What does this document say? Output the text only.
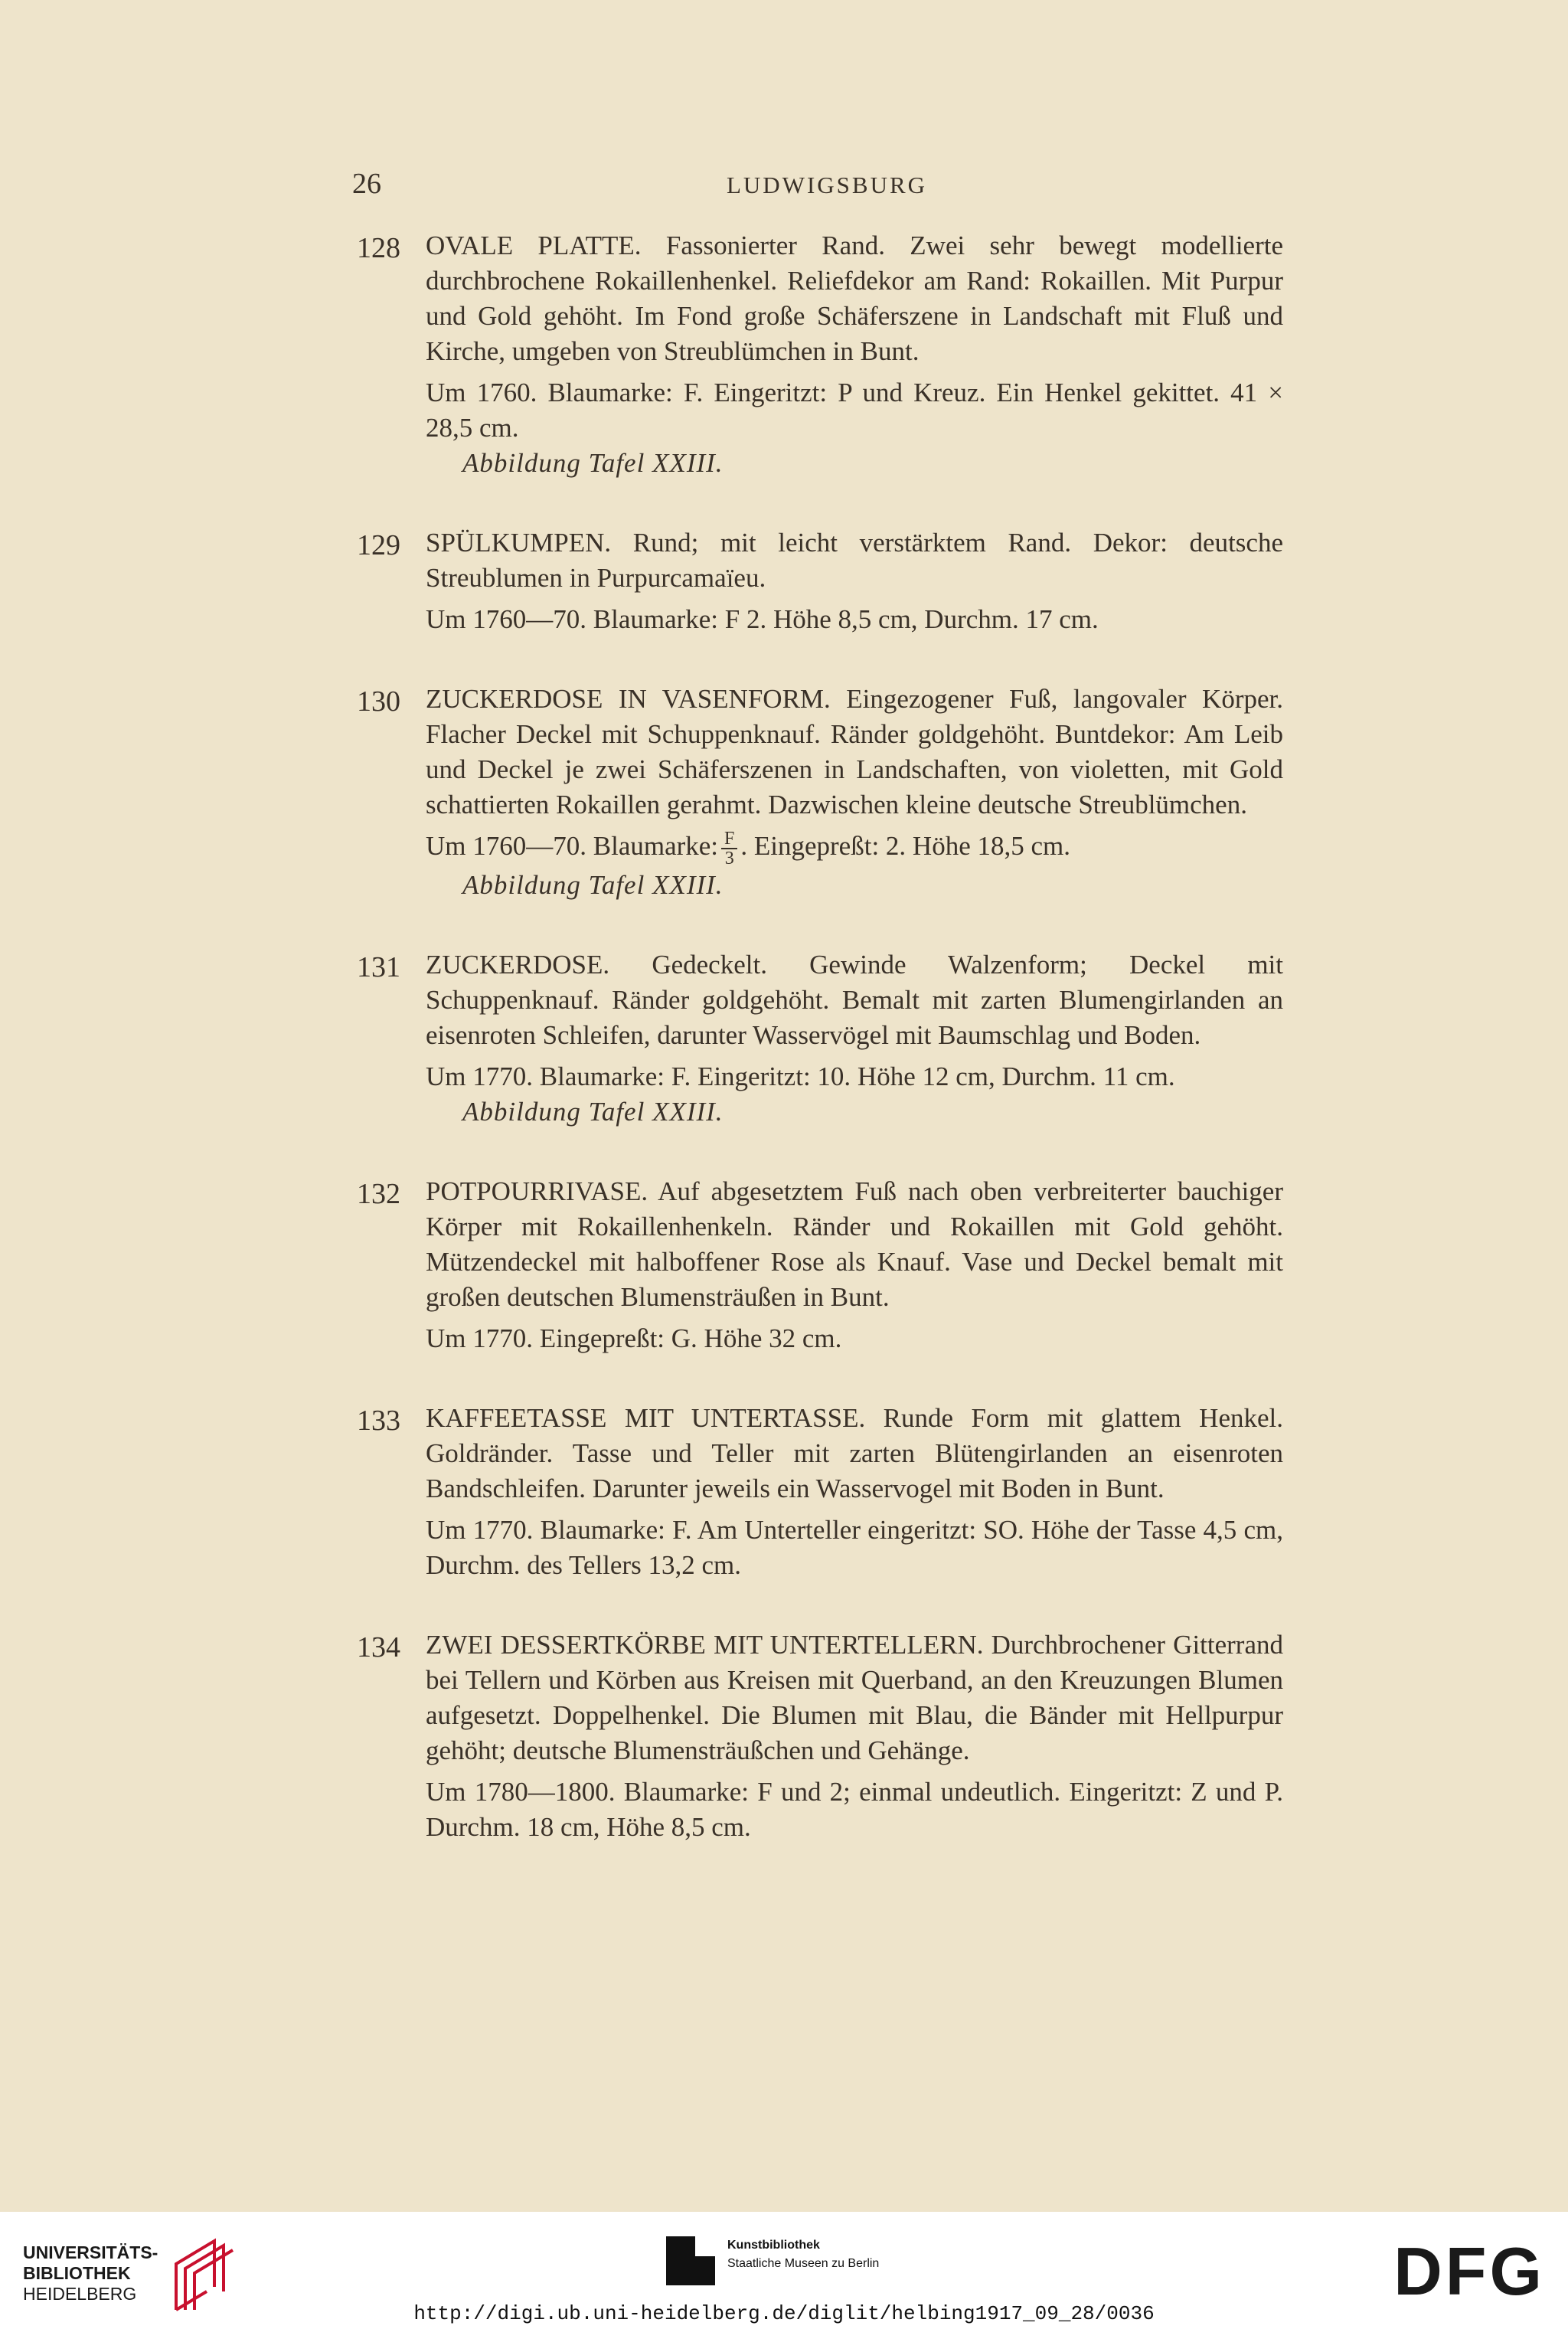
26	LUDWIGSBURG
128 OVALE PLATTE. Fassonierter Rand. Zwei sehr bewegt modellierte durchbrochene Rokaillenhenkel. Reliefdekor am Rand: Rokaillen. Mit Purpur und Gold gehöht. Im Fond große Schäferszene in Landschaft mit Fluß und Kirche, umgeben von Streublümchen in Bunt.

Um 1760. Blaumarke: F. Eingeritzt: P und Kreuz. Ein Henkel gekittet. 41 × 28,5 cm.

Abbildung Tafel XXIII.

129 SPÜLKUMPEN. Rund; mit leicht verstärktem Rand. Dekor: deutsche Streublumen in Purpurcamaïeu.

Um 1760—70. Blaumarke: F 2. Höhe 8,5 cm, Durchm. 17 cm.

130 ZUCKERDOSE IN VASENFORM. Eingezogener Fuß, langovaler Körper. Flacher Deckel mit Schuppenknauf. Ränder goldgehöht. Buntdekor: Am Leib und Deckel je zwei Schäferszenen in Landschaften, von violetten, mit Gold schattierten Rokaillen gerahmt. Dazwischen kleine deutsche Streublümchen.

Um 1760—70. Blaumarke: $\frac{F}{3}$ . Eingepreßt: 2. Höhe 18,5 cm.

Abbildung Tafel XXIII.

131 ZUCKERDOSE. Gedeckelt. Gewinde Walzenform; Deckel mit Schuppenknauf. Ränder goldgehöht. Bemalt mit zarten Blumengirlanden an eisenroten Schleifen, darunter Wasservögel mit Baumschlag und Boden.

Um 1770. Blaumarke: F. Eingeritzt: 10. Höhe 12 cm, Durchm. 11 cm.

Abbildung Tafel XXIII.

132 POTPOURRIVASE. Auf abgesetztem Fuß nach oben verbreiterter bauchiger Körper mit Rokaillenhenkeln. Ränder und Rokaillen mit Gold gehöht. Mützendeckel mit halboffener Rose als Knauf. Vase und Deckel bemalt mit großen deutschen Blumensträußen in Bunt.

Um 1770. Eingepreßt: G. Höhe 32 cm.

133 KAFFEETASSE MIT UNTERTASSE. Runde Form mit glattem Henkel. Goldränder. Tasse und Teller mit zarten Blütengirlanden an eisenroten Bandschleifen. Darunter jeweils ein Wasservogel mit Boden in Bunt.

Um 1770. Blaumarke: F. Am Unterteller eingeritzt: SO. Höhe der Tasse 4,5 cm, Durchm. des Tellers 13,2 cm.

134 ZWEI DESSERTKÖRBE MIT UNTERTELLERN. Durchbrochener Gitterrand bei Tellern und Körben aus Kreisen mit Querband, an den Kreuzungen Blumen aufgesetzt. Doppelhenkel. Die Blumen mit Blau, die Bänder mit Hellpurpur gehöht; deutsche Blumensträußchen und Gehänge.

Um 1780—1800. Blaumarke: F und 2; einmal undeutlich. Eingeritzt: Z und P. Durchm. 18 cm, Höhe 8,5 cm.

UNIVERSITÄTS-
BIBLIOTHEK
HEIDELBERG
Kunstbibliothek
Staatliche Museen zu Berlin	DFG
http://digi.ub.uni-heidelberg.de/diglit/helbing1917_09_28/0036
